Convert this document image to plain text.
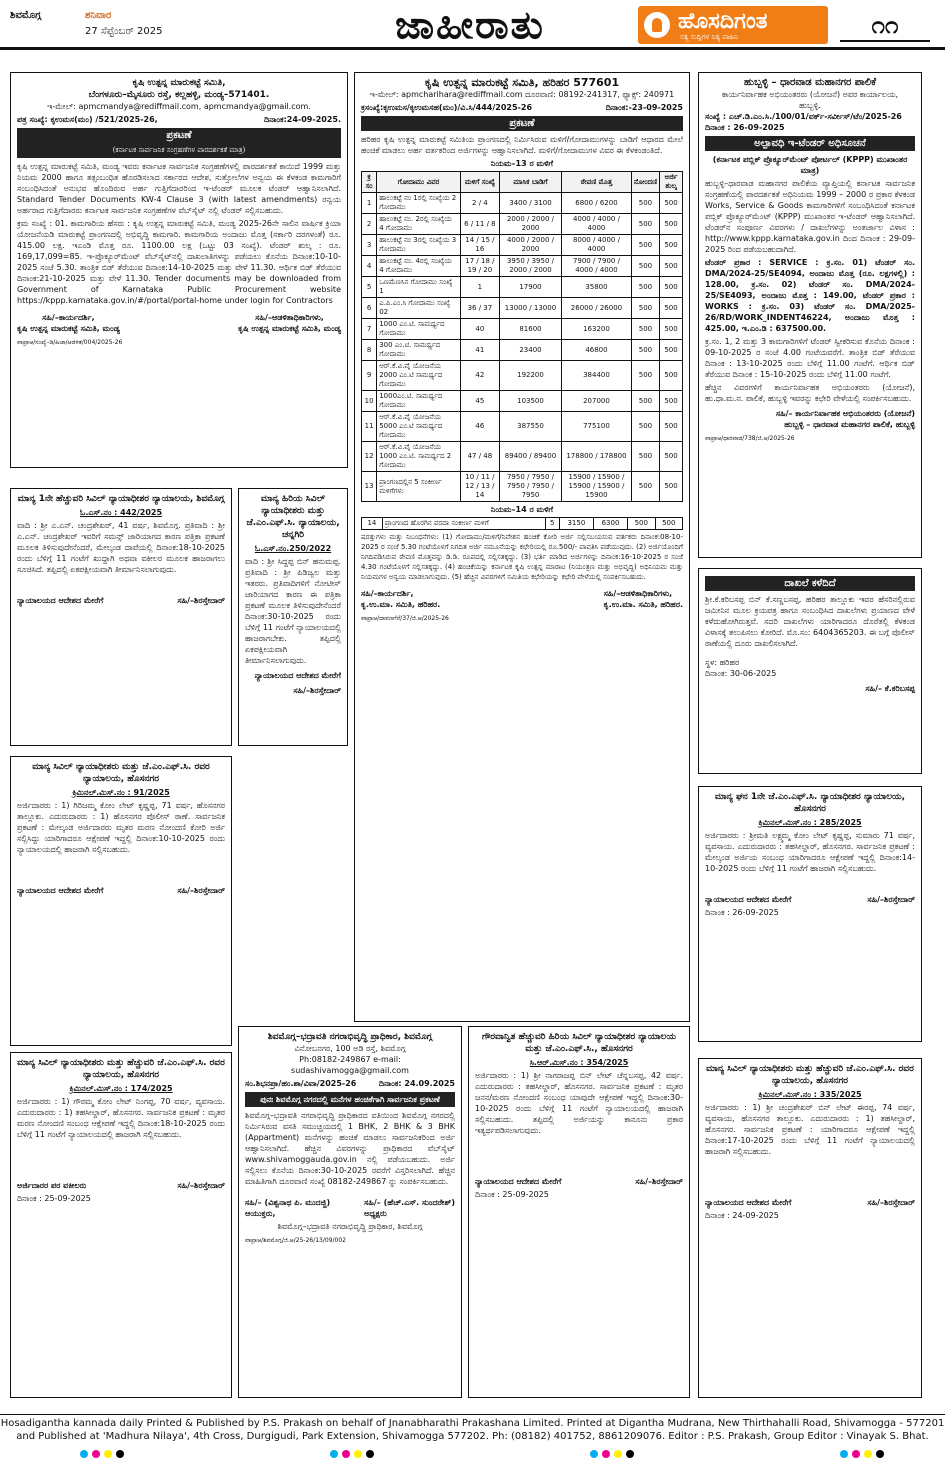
ಶಿವಮೊಗ್ಗ	ಶನಿವಾರ
27 ಸೆಪ್ಟೆಂಬರ್ 2025	ಜಾಹೀರಾತು	ಹೊಸದಿಗಂತ
ಸತ್ಯ ಸುದ್ದಿಗಳ ನಿತ್ಯ ವಾಹಿನಿ	೧೧
ಕೃಷಿ ಉತ್ಪನ್ನ ಮಾರುಕಟ್ಟೆ ಸಮಿತಿ,
ಬೆಂಗಳೂರು–ಮೈಸೂರು ರಸ್ತೆ, ಕಲ್ಲಹಳ್ಳಿ, ಮಂಡ್ಯ–571401.
ಇ-ಮೇಲ್: apmcmandya@rediffmail.com, apmcmandya@gmail.com.
ಪತ್ರ ಸಂಖ್ಯೆ: ಕೃಉಮಸ(ಮಂ) /521/2025-26,	ದಿನಾಂಕ:24-09-2025.
ಪ್ರಕಟಣೆ
(ಕರ್ನಾಟಕ ಸಾರ್ವಜನಿಕ ಸಂಗ್ರಹಣೆಗಳ ಪಾರದರ್ಶಕತೆ ಮಾತ್ರ)

ಕೃಷಿ ಉತ್ಪನ್ನ ಮಾರುಕಟ್ಟೆ ಸಮಿತಿ, ಮಂಡ್ಯ ಇವರು ಕರ್ನಾಟಕ ಸಾರ್ವಜನಿಕ ಸಂಗ್ರಹಣೆಗಳಲ್ಲಿ ಪಾರದರ್ಶಕತೆ ಕಾಯಿದೆ 1999 ಮತ್ತು ನಿಯಮ 2000 ಹಾಗೂ ತತ್ಸಂಬಂಧಿತ ಹೊರಡಿಸಲಾದ ಸರ್ಕಾರದ ಆದೇಶ, ಸುತ್ತೋಲೆಗಳ ಅನ್ವಯ ಈ ಕೆಳಕಂಡ ಕಾಮಗಾರಿಗೆ ಸಂಬಂಧಿಸಿದಂತೆ ಅನುಭವ ಹೊಂದಿರುವ ಅರ್ಹ ಗುತ್ತಿಗೆದಾರರಿಂದ ಇ-ಟೆಂಡರ್ ಮೂಲಕ ಟೆಂಡರ್ ಆಹ್ವಾನಿಸಲಾಗಿದೆ. Standard Tender Documents KW-4 Clause 3 (with latest amendments) ರನ್ವಯ ಅರ್ಹರಾದ ಗುತ್ತಿಗೆದಾರರು ಕರ್ನಾಟಕ ಸಾರ್ವಜನಿಕ ಸಂಗ್ರಹಣೆಗಳ ವೆಬ್‌ಸೈಟ್ ನಲ್ಲಿ ಟೆಂಡರ್ ಸಲ್ಲಿಸಬಹುದು.

ಕ್ರಮ ಸಂಖ್ಯೆ : 01. ಕಾಮಗಾರಿಯ ಹೆಸರು : ಕೃಷಿ ಉತ್ಪನ್ನ ಮಾರುಕಟ್ಟೆ ಸಮಿತಿ, ಮಂಡ್ಯ 2025-26ನೇ ಸಾಲಿನ ವಾರ್ಷಿಕ ಕ್ರಿಯಾ ಯೋಜನೆಯಡಿ ಮಾರುಕಟ್ಟೆ ಪ್ರಾಂಗಣದಲ್ಲಿ ಅಭಿವೃದ್ಧಿ ಕಾಮಗಾರಿ. ಕಾಮಗಾರಿಯ ಅಂದಾಜು ಮೊತ್ತ (ಸರ್ಕಾರಿ ದರಗಳಂತೆ) ರೂ. 415.00 ಲಕ್ಷ. ಇಎಂಡಿ ಮೊತ್ತ ರೂ. 1100.00 ಲಕ್ಷ (ಒಟ್ಟು 03 ಸಂಖ್ಯೆ). ಟೆಂಡರ್ ಶುಲ್ಕ : ರೂ. 169,17,099=85. ಇ-ಪ್ರೊಕ್ಯೂರ್‌ಮೆಂಟ್ ವೆಬ್‌ಸೈಟ್‌ನಲ್ಲಿ ದಾಖಲಾತಿಗಳನ್ನು ಪಡೆಯಲು ಕೊನೆಯ ದಿನಾಂಕ:10-10-2025 ಸಂಜೆ 5.30. ತಾಂತ್ರಿಕ ಬಿಡ್ ತೆರೆಯುವ ದಿನಾಂಕ:14-10-2025 ಮತ್ತು ವೇಳೆ 11.30. ಆರ್ಥಿಕ ಬಿಡ್ ತೆರೆಯುವ ದಿನಾಂಕ:21-10-2025 ಮತ್ತು ವೇಳೆ 11.30. Tender documents may be downloaded from Government of Karnataka Public Procurement website https://kppp.karnataka.gov.in/#/portal/portal-home under login for Contractors

ಸಹಿ/–ಕಾರ್ಯದರ್ಶಿ,
ಕೃಷಿ ಉತ್ಪನ್ನ ಮಾರುಕಟ್ಟೆ ಸಮಿತಿ, ಮಂಡ್ಯ
ಸಹಿ/–ಆಡಳಿತಾಧಿಕಾರಿಗಳು,
ಕೃಷಿ ಉತ್ಪನ್ನ ಮಾರುಕಟ್ಟೆ ಸಮಿತಿ, ಮಂಡ್ಯ
ವಾಪ್ರಾಆ/ಸಂಖ್ಯೆ–ಡಿ/ಹಿಜಾ/ಆಡಳಿತ/004/2025-26
ಮಾನ್ಯ 1ನೇ ಹೆಚ್ಚುವರಿ ಸಿವಿಲ್ ನ್ಯಾಯಾಧೀಶರ ನ್ಯಾಯಾಲಯ, ಶಿವಮೊಗ್ಗ
ಓ.ಎಸ್.ನಂ : 442/2025

ವಾದಿ : ಶ್ರೀ ಎ.ಎನ್. ಚಂದ್ರಶೇಖರ್, 41 ವರ್ಷ, ಶಿವಮೊಗ್ಗ. ಪ್ರತಿವಾದಿ : ಶ್ರೀ ಎ.ಎನ್. ಚಂದ್ರಶೇಖರ್ ಇವರಿಗೆ ಸಮನ್ಸ್ ಜಾರಿಯಾಗದ ಕಾರಣ ಪತ್ರಿಕಾ ಪ್ರಕಟಣೆ ಮೂಲಕ ತಿಳಿಸುವುದೇನೆಂದರೆ, ಮೇಲ್ಕಂಡ ದಾವೆಯಲ್ಲಿ ದಿನಾಂಕ:18-10-2025 ರಂದು ಬೆಳಿಗ್ಗೆ 11 ಗಂಟೆಗೆ ಖುದ್ದಾಗಿ ಅಥವಾ ವಕೀಲರ ಮೂಲಕ ಹಾಜರಾಗಲು ಸೂಚಿಸಿದೆ. ತಪ್ಪಿದಲ್ಲಿ ಏಕಪಕ್ಷೀಯವಾಗಿ ತೀರ್ಮಾನಿಸಲಾಗುವುದು.

ನ್ಯಾಯಾಲಯದ ಆದೇಶದ ಮೇರೆಗೆ	ಸಹಿ/–ಶಿರಸ್ತೇದಾರ್
ಮಾನ್ಯ ಹಿರಿಯ ಸಿವಿಲ್ ನ್ಯಾಯಾಧೀಶರು ಮತ್ತು ಜೆ.ಎಂ.ಎಫ್.ಸಿ. ನ್ಯಾಯಾಲಯ, ಚನ್ನಗಿರಿ
ಓ.ಎಸ್.ನಂ.250/2022

ವಾದಿ : ಶ್ರೀ ಸಿದ್ದಪ್ಪ ಬಿನ್ ಹನುಮಪ್ಪ. ಪ್ರತಿವಾದಿ : ಶ್ರೀ ಪಿಡಿಜ್ವಲ ಮತ್ತು ಇತರರು. ಪ್ರತಿವಾದಿಗಳಿಗೆ ನೋಟೀಸ್ ಜಾರಿಯಾಗದ ಕಾರಣ ಈ ಪತ್ರಿಕಾ ಪ್ರಕಟಣೆ ಮೂಲಕ ತಿಳಿಸುವುದೇನೆಂದರೆ ದಿನಾಂಕ:30-10-2025 ರಂದು ಬೆಳಿಗ್ಗೆ 11 ಗಂಟೆಗೆ ನ್ಯಾಯಾಲಯದಲ್ಲಿ ಹಾಜರಾಗಬೇಕು. ತಪ್ಪಿದಲ್ಲಿ ಏಕಪಕ್ಷೀಯವಾಗಿ ತೀರ್ಮಾನಿಸಲಾಗುವುದು.

ನ್ಯಾಯಾಲಯದ ಆದೇಶದ ಮೇರೆಗೆ
ಸಹಿ/–ಶಿರಸ್ತೇದಾರ್
ಮಾನ್ಯ ಸಿವಿಲ್ ನ್ಯಾಯಾಧೀಶರು ಮತ್ತು ಜೆ.ಎಂ.ಎಫ್.ಸಿ. ರವರ ನ್ಯಾಯಾಲಯ, ಹೊಸನಗರ
ಕ್ರಿಮಿನಲ್.ಮಿಸ್.ನಂ : 91/2025

ಅರ್ಜಿದಾರರು : 1) ಗಿರಿಜಮ್ಮ ಕೋಂ ಲೇಟ್ ಕೃಷ್ಣಪ್ಪ, 71 ವರ್ಷ, ಹೊಸನಗರ ತಾಲ್ಲೂಕು. ಎದುರುದಾರರು : 1) ಹೊಸನಗರ ಪೊಲೀಸ್ ಠಾಣೆ. ಸಾರ್ವಜನಿಕ ಪ್ರಕಟಣೆ : ಮೇಲ್ಕಂಡ ಅರ್ಜಿದಾರರು ಮೃತರ ಮರಣ ನೋಂದಣಿ ಕೋರಿ ಅರ್ಜಿ ಸಲ್ಲಿಸಿದ್ದು ಯಾರಿಗಾದರೂ ಆಕ್ಷೇಪಣೆ ಇದ್ದಲ್ಲಿ ದಿನಾಂಕ:10-10-2025 ರಂದು ನ್ಯಾಯಾಲಯದಲ್ಲಿ ಹಾಜರಾಗಿ ಸಲ್ಲಿಸಬಹುದು.

ನ್ಯಾಯಾಲಯದ ಆದೇಶದ ಮೇರೆಗೆ	ಸಹಿ/–ಶಿರಸ್ತೇದಾರ್
ಮಾನ್ಯ ಸಿವಿಲ್ ನ್ಯಾಯಾಧೀಶರು ಮತ್ತು ಹೆಚ್ಚುವರಿ ಜೆ.ಎಂ.ಎಫ್.ಸಿ. ರವರ ನ್ಯಾಯಾಲಯ, ಹೊಸನಗರ
ಕ್ರಿಮಿನಲ್.ಮಿಸ್.ನಂ : 174/2025

ಅರ್ಜಿದಾರರು : 1) ಗೌರಮ್ಮ ಕೋಂ ಲೇಟ್ ನಿಂಗಪ್ಪ, 70 ವರ್ಷ, ವ್ಯವಸಾಯ. ಎದುರುದಾರರು : 1) ತಹಸೀಲ್ದಾರ್, ಹೊಸನಗರ. ಸಾರ್ವಜನಿಕ ಪ್ರಕಟಣೆ : ಮೃತರ ಮರಣ ನೋಂದಣಿ ಸಂಬಂಧ ಆಕ್ಷೇಪಣೆ ಇದ್ದಲ್ಲಿ ದಿನಾಂಕ:18-10-2025 ರಂದು ಬೆಳಿಗ್ಗೆ 11 ಗಂಟೆಗೆ ನ್ಯಾಯಾಲಯದಲ್ಲಿ ಹಾಜರಾಗಿ ಸಲ್ಲಿಸಬಹುದು.

ಅರ್ಜಿದಾರರ ಪರ ವಕೀಲರು	ಸಹಿ/–ಶಿರಸ್ತೇದಾರ್
ದಿನಾಂಕ : 25-09-2025
ಕೃಷಿ ಉತ್ಪನ್ನ ಮಾರುಕಟ್ಟೆ ಸಮಿತಿ, ಹರಿಹರ 577601
ಇ-ಮೇಲ್: apmcharihara@rediffmail.com ದೂರವಾಣಿ: 08192-241317, ಫ್ಯಾಕ್ಸ್: 240971
ಕ್ರಸಂಖ್ಯೆ:ಕೃಉಮಸ/ಕೃಉಮಸಹ(ಮಂ)/ವಿ.ಸಿ/444/2025-26	ದಿನಾಂಕ:-23-09-2025
ಪ್ರಕಟಣೆ

ಹರಿಹರ ಕೃಷಿ ಉತ್ಪನ್ನ ಮಾರುಕಟ್ಟೆ ಸಮಿತಿಯ ಪ್ರಾಂಗಣದಲ್ಲಿ ನಿರ್ಮಿಸಿರುವ ಮಳಿಗೆ/ಗೋದಾಮುಗಳನ್ನು ಬಾಡಿಗೆ ಆಧಾರದ ಮೇಲೆ ಹಂಚಿಕೆ ಮಾಡಲು ಅರ್ಹ ವರ್ತಕರಿಂದ ಅರ್ಜಿಗಳನ್ನು ಆಹ್ವಾನಿಸಲಾಗಿದೆ. ಮಳಿಗೆ/ಗೋದಾಮುಗಳ ವಿವರ ಈ ಕೆಳಕಂಡಂತಿದೆ.

ನಿಯಮ–13 ರ ಮಳಿಗೆ
ಕ್ರ ಸಂ	ಗೋದಾಮು ವಿವರ	ಮಳಿಗೆ ಸಂಖ್ಯೆ	ಮಾಸಿಕ ಬಾಡಿಗೆ	ಠೇವಣಿ ಮೊತ್ತ	ನೋಂದಣಿ	ಅರ್ಜಿ ಶುಲ್ಕ
1	ಹಾಲುಕಟ್ಟೆ ನಂ 1ರಲ್ಲಿ ಸಂಖ್ಯೆಯ 2 ಗೋದಾಮು	2 / 4	3400 / 3100	6800 / 6200	500	500
2	ಹಾಲುಕಟ್ಟೆ ನಂ. 2ರಲ್ಲಿ ಸಂಖ್ಯೆಯ 4 ಗೋದಾಮು	6 / 11 / 8	2000 / 2000 / 2000	4000 / 4000 / 4000	500	500
3	ಹಾಲುಕಟ್ಟೆ ನಂ 3ರಲ್ಲಿ ಸಂಖ್ಯೆಯ 3 ಗೋದಾಮು	14 / 15 / 16	4000 / 2000 / 2000	8000 / 4000 / 4000	500	500
4	ಹಾಲುಕಟ್ಟೆ ನಂ. 4ರಲ್ಲಿ ಸಂಖ್ಯೆಯ 4 ಗೋದಾಮು	17 / 18 / 19 / 20	3950 / 3950 / 2000 / 2000	7900 / 7900 / 4000 / 4000	500	500
5	ಒಣಮೆಣಸಿನ ಗೋದಾಮು ಸಂಖ್ಯೆ 1	1	17900	35800	500	500
6	ಎ.ಪಿ.ಎಂ.ಸಿ ಗೋದಾಮು ಸಂಖ್ಯೆ 02	36 / 37	13000 / 13000	26000 / 26000	500	500
7	1000 ಎಂ.ಟಿ. ಸಾಮರ್ಥ್ಯದ ಗೋದಾಮು	40	81600	163200	500	500
8	300 ಎಂ.ಟಿ. ಸಾಮರ್ಥ್ಯದ ಗೋದಾಮು	41	23400	46800	500	500
9	ಆರ್.ಕೆ.ವಿ.ವೈ ಯೋಜನೆಯ 2000 ಎಂ.ಟಿ ಸಾಮರ್ಥ್ಯದ ಗೋದಾಮು	42	192200	384400	500	500
10	1000ಎಂ.ಟಿ. ಸಾಮರ್ಥ್ಯದ ಗೋದಾಮು	45	103500	207000	500	500
11	ಆರ್.ಕೆ.ವಿ.ವೈ ಯೋಜನೆಯ 5000 ಎಂ.ಟಿ ಸಾಮರ್ಥ್ಯದ ಗೋದಾಮು	46	387550	775100	500	500
12	ಆರ್.ಕೆ.ವಿ.ವೈ ಯೋಜನೆಯ 1000 ಎಂ.ಟಿ. ಸಾಮರ್ಥ್ಯದ 2 ಗೋದಾಮು	47 / 48	89400 / 89400	178800 / 178800	500	500
13	ಪ್ರಾಂಗಣದಲ್ಲಿನ 5 ಸಂಕೀರ್ಣ ಮಳಿಗೆಗಳು	10 / 11 / 12 / 13 / 14	7950 / 7950 / 7950 / 7950 / 7950	15900 / 15900 / 15900 / 15900 / 15900	500	500
ನಿಯಮ–14 ರ ಮಳಿಗೆ
14	ಪ್ರಾಂಗಣದ ಹೊರಗಿನ ವರದಾ ಸಂಕೀರ್ಣ ಮಳಿಗೆ	5	3150	6300	500	500

ಷರತ್ತುಗಳು ಮತ್ತು ನಿಬಂಧನೆಗಳು: (1) ಗೋದಾಮು/ಮಳಿಗೆ/ನಿವೇಶನ ಹಂಚಿಕೆ ಕೋರಿ ಅರ್ಜಿ ಸಲ್ಲಿಸಬಯಸುವ ವರ್ತಕರು ದಿನಾಂಕ:08-10-2025 ರ ಸಂಜೆ 5.30 ಗಂಟೆಯೊಳಗೆ ನಿಗದಿತ ಅರ್ಜಿ ನಮೂನೆಯನ್ನು ಕಛೇರಿಯಲ್ಲಿ ರೂ.500/- ಪಾವತಿಸಿ ಪಡೆಯುವುದು. (2) ಅರ್ಜಿಯೊಂದಿಗೆ ನಿಗದಿಪಡಿಸಿರುವ ಠೇವಣಿ ಮೊತ್ತವನ್ನು ಡಿ.ಡಿ. ರೂಪದಲ್ಲಿ ಸಲ್ಲಿಸತಕ್ಕದ್ದು. (3) ಭರ್ತಿ ಮಾಡಿದ ಅರ್ಜಿಗಳನ್ನು ದಿನಾಂಕ:16-10-2025 ರ ಸಂಜೆ 4.30 ಗಂಟೆಯೊಳಗೆ ಸಲ್ಲಿಸತಕ್ಕದ್ದು. (4) ಹಂಚಿಕೆಯನ್ನು ಕರ್ನಾಟಕ ಕೃಷಿ ಉತ್ಪನ್ನ ಮಾರಾಟ (ನಿಯಂತ್ರಣ ಮತ್ತು ಅಭಿವೃದ್ಧಿ) ಅಧಿನಿಯಮ ಮತ್ತು ನಿಯಮಗಳ ಅನ್ವಯ ಮಾಡಲಾಗುವುದು. (5) ಹೆಚ್ಚಿನ ವಿವರಗಳಿಗೆ ಸಮಿತಿಯ ಕಛೇರಿಯನ್ನು ಕಛೇರಿ ವೇಳೆಯಲ್ಲಿ ಸಂಪರ್ಕಿಸಬಹುದು.

ಸಹಿ/–ಕಾರ್ಯದರ್ಶಿ,
ಕೃ.ಉ.ಮಾ. ಸಮಿತಿ, ಹರಿಹರ.
ಸಹಿ/–ಆಡಳಿತಾಧಿಕಾರಿಗಳು,
ಕೃ.ಉ.ಮಾ. ಸಮಿತಿ, ಹರಿಹರ.
ವಾಪ್ರಾಆ/ದಾವಣಗೆರೆ/37/ಜಿ.ಆ/2025-26
ಶಿವಮೊಗ್ಗ–ಭದ್ರಾವತಿ ನಗರಾಭಿವೃದ್ಧಿ ಪ್ರಾಧಿಕಾರ, ಶಿವಮೊಗ್ಗ
ವಿನೋಬನಗರ, 100 ಅಡಿ ರಸ್ತೆ, ಶಿವಮೊಗ್ಗ
Ph:08182-249867 e-mail: sudashivamogga@gmail.com
ಸಂ.ಶಿಭನಪ್ರಾ/ಹಂ.ಶಾ/ವಿವಾ/2025-26	ದಿನಾಂಕ: 24.09.2025
ಪುನಃ ಶಿವಮೊಗ್ಗ ನಗರದಲ್ಲಿ ಮನೆಗಳ ಹಂಚಿಕೆಗಾಗಿ ಸಾರ್ವಜನಿಕ ಪ್ರಕಟಣೆ

ಶಿವಮೊಗ್ಗ–ಭದ್ರಾವತಿ ನಗರಾಭಿವೃದ್ಧಿ ಪ್ರಾಧಿಕಾರದ ವತಿಯಿಂದ ಶಿವಮೊಗ್ಗ ನಗರದಲ್ಲಿ ನಿರ್ಮಿಸಿರುವ ವಸತಿ ಸಮುಚ್ಚಯದಲ್ಲಿ 1 BHK, 2 BHK & 3 BHK (Appartment) ಮನೆಗಳನ್ನು ಹಂಚಿಕೆ ಮಾಡಲು ಸಾರ್ವಜನಿಕರಿಂದ ಅರ್ಜಿ ಆಹ್ವಾನಿಸಲಾಗಿದೆ. ಹೆಚ್ಚಿನ ವಿವರಗಳನ್ನು ಪ್ರಾಧಿಕಾರದ ವೆಬ್‌ಸೈಟ್ www.shivamoggauda.gov.in ನಲ್ಲಿ ಪಡೆಯಬಹುದು. ಅರ್ಜಿ ಸಲ್ಲಿಸಲು ಕೊನೆಯ ದಿನಾಂಕ:30-10-2025 ರವರೆಗೆ ವಿಸ್ತರಿಸಲಾಗಿದೆ. ಹೆಚ್ಚಿನ ಮಾಹಿತಿಗಾಗಿ ದೂರವಾಣಿ ಸಂಖ್ಯೆ 08182-249867 ನ್ನು ಸಂಪರ್ಕಿಸಬಹುದು.

ಸಹಿ/– (ವಿಶ್ವನಾಥ ಪಿ. ಮುದಜ್ಜಿ)
ಆಯುಕ್ತರು,
ಸಹಿ/– (ಹೆಚ್.ಎಸ್. ಸುಂದರೇಶ್)
ಅಧ್ಯಕ್ಷರು
ಶಿವಮೊಗ್ಗ–ಭದ್ರಾವತಿ ನಗರಾಭಿವೃದ್ಧಿ ಪ್ರಾಧಿಕಾರ, ಶಿವಮೊಗ್ಗ
ವಾಪ್ರಾಆ/ಶಿವಮೊಗ್ಗ/ಜಿ.ಆ/25-26/13/09/002
ಗೌರವಾನ್ವಿತ ಹೆಚ್ಚುವರಿ ಹಿರಿಯ ಸಿವಿಲ್ ನ್ಯಾಯಾಧೀಶರ ನ್ಯಾಯಾಲಯ ಮತ್ತು ಜೆ.ಎಂ.ಎಫ್.ಸಿ., ಹೊಸನಗರ
ಸಿ.ಆರ್.ಮಿಸ್.ನಂ : 354/2025

ಅರ್ಜಿದಾರರು : 1) ಶ್ರೀ ನಾಗರಾಜಪ್ಪ ಬಿನ್ ಲೇಟ್ ಚೆನ್ನಬಸಪ್ಪ, 42 ವರ್ಷ. ಎದುರುದಾರರು : ತಹಸೀಲ್ದಾರ್, ಹೊಸನಗರ. ಸಾರ್ವಜನಿಕ ಪ್ರಕಟಣೆ : ಮೃತರ ಜನನ/ಮರಣ ನೋಂದಣಿ ಸಂಬಂಧ ಯಾವುದೇ ಆಕ್ಷೇಪಣೆ ಇದ್ದಲ್ಲಿ ದಿನಾಂಕ:30-10-2025 ರಂದು ಬೆಳಿಗ್ಗೆ 11 ಗಂಟೆಗೆ ನ್ಯಾಯಾಲಯದಲ್ಲಿ ಹಾಜರಾಗಿ ಸಲ್ಲಿಸಬಹುದು. ತಪ್ಪಿದಲ್ಲಿ ಅರ್ಜಿಯನ್ನು ಕಾನೂನು ಪ್ರಕಾರ ಇತ್ಯರ್ಥಪಡಿಸಲಾಗುವುದು.

ನ್ಯಾಯಾಲಯದ ಆದೇಶದ ಮೇರೆಗೆ	ಸಹಿ/–ಶಿರಸ್ತೇದಾರ್
ದಿನಾಂಕ : 25-09-2025
ಹುಬ್ಬಳ್ಳಿ – ಧಾರವಾಡ ಮಹಾನಗರ ಪಾಲಿಕೆ
ಕಾರ್ಯನಿರ್ವಾಹಕ ಅಭಿಯಂತರರು (ಯೋಜನೆ) ಅವರ ಕಾರ್ಯಾಲಯ,
ಹುಬ್ಬಳ್ಳಿ.
ಸಂಖ್ಯೆ : ಎಚ್.ಡಿ.ಎಂ.ಸಿ./100/01/ವರ್ಕ್-ಸರ್ವೀಸ್/ಟೆಂ/2025-26
ದಿನಾಂಕ : 26-09-2025
ಅಲ್ಪಾವಧಿ ಇ-ಟೆಂಡರ್ ಅಧಿಸೂಚನೆ
(ಕರ್ನಾಟಕ ಪಬ್ಲಿಕ್ ಪ್ರೊಕ್ಯೂರ್‌ಮೆಂಟ್ ಪೋರ್ಟಲ್ (KPPP) ಮುಖಾಂತರ ಮಾತ್ರ)

ಹುಬ್ಬಳ್ಳಿ–ಧಾರವಾಡ ಮಹಾನಗರ ಪಾಲಿಕೆಯ ವ್ಯಾಪ್ತಿಯಲ್ಲಿ ಕರ್ನಾಟಕ ಸಾರ್ವಜನಿಕ ಸಂಗ್ರಹಣೆಯಲ್ಲಿ ಪಾರದರ್ಶಕತೆ ಅಧಿನಿಯಮ 1999 – 2000 ರ ಪ್ರಕಾರ ಕೆಳಕಂಡ Works, Service & Goods ಕಾಮಗಾರಿಗಳಿಗೆ ಸಂಬಂಧಿಸಿದಂತೆ ಕರ್ನಾಟಕ ಪಬ್ಲಿಕ್ ಪ್ರೊಕ್ಯೂರ್‌ಮೆಂಟ್ (KPPP) ಮುಖಾಂತರ ಇ-ಟೆಂಡರ್ ಆಹ್ವಾನಿಸಲಾಗಿದೆ. ಟೆಂಡರ್‌ನ ಸಂಪೂರ್ಣ ವಿವರಗಳು / ದಾಖಲೆಗಳನ್ನು ಅಂತರ್ಜಾಲ ವಿಳಾಸ : http://www.kppp.karnataka.gov.in ದಿಂದ ದಿನಾಂಕ : 29-09-2025 ರಿಂದ ಪಡೆಯಬಹುದಾಗಿದೆ.

ಟೆಂಡರ್ ಪ್ರಕಾರ : SERVICE : ಕ್ರ.ಸಂ. 01) ಟೆಂಡರ್ ಸಂ. DMA/2024-25/SE4094, ಅಂದಾಜು ಮೊತ್ತ (ರೂ. ಲಕ್ಷಗಳಲ್ಲಿ) : 128.00, ಕ್ರ.ಸಂ. 02) ಟೆಂಡರ್ ಸಂ. DMA/2024-25/SE4093, ಅಂದಾಜು ಮೊತ್ತ : 149.00, ಟೆಂಡರ್ ಪ್ರಕಾರ : WORKS : ಕ್ರ.ಸಂ. 03) ಟೆಂಡರ್ ಸಂ. DMA/2025-26/RD/WORK_INDENT46224, ಅಂದಾಜು ಮೊತ್ತ : 425.00, ಇ.ಎಂ.ಡಿ : 637500.00.

ಕ್ರ.ಸಂ. 1, 2 ಮತ್ತು 3 ಕಾಮಗಾರಿಗಳಿಗೆ ಟೆಂಡರ್ ಸ್ವೀಕರಿಸುವ ಕೊನೆಯ ದಿನಾಂಕ : 09-10-2025 ರ ಸಂಜೆ 4.00 ಗಂಟೆಯವರೆಗೆ. ತಾಂತ್ರಿಕ ಬಿಡ್ ತೆರೆಯುವ ದಿನಾಂಕ : 13-10-2025 ರಂದು ಬೆಳಿಗ್ಗೆ 11.00 ಗಂಟೆಗೆ. ಆರ್ಥಿಕ ಬಿಡ್ ತೆರೆಯುವ ದಿನಾಂಕ : 15-10-2025 ರಂದು ಬೆಳಿಗ್ಗೆ 11.00 ಗಂಟೆಗೆ.

ಹೆಚ್ಚಿನ ವಿವರಗಳಿಗೆ ಕಾರ್ಯನಿರ್ವಾಹಕ ಅಭಿಯಂತರರು (ಯೋಜನೆ), ಹು.ಧಾ.ಮ.ನ. ಪಾಲಿಕೆ, ಹುಬ್ಬಳ್ಳಿ ಇವರನ್ನು ಕಛೇರಿ ವೇಳೆಯಲ್ಲಿ ಸಂಪರ್ಕಿಸಬಹುದು.

ಸಹಿ/– ಕಾರ್ಯನಿರ್ವಾಹಕ ಅಭಿಯಂತರರು (ಯೋಜನೆ)
ಹುಬ್ಬಳ್ಳಿ – ಧಾರವಾಡ ಮಹಾನಗರ ಪಾಲಿಕೆ, ಹುಬ್ಬಳ್ಳಿ
ವಾಪ್ರಾಆ/ಧಾರವಾಡ/738/ಜಿ.ಆ/2025-26
ದಾಖಲೆ ಕಳೆದಿದೆ

ಶ್ರೀ.ಕೆ.ಕರಿಬಸಪ್ಪ ಬಿನ್ ಕೆ.ಸಣ್ಣಬಸಪ್ಪ, ಹರಿಹರ ತಾಲ್ಲೂಕು ಇವರ ಹೆಸರಿನಲ್ಲಿರುವ ಜಮೀನಿನ ಮೂಲ ಕ್ರಯಪತ್ರ ಹಾಗೂ ಸಂಬಂಧಿಸಿದ ದಾಖಲೆಗಳು ಪ್ರಯಾಣದ ವೇಳೆ ಕಳೆದುಹೋಗಿರುತ್ತವೆ. ಸದರಿ ದಾಖಲೆಗಳು ಯಾರಿಗಾದರೂ ದೊರೆತಲ್ಲಿ ಕೆಳಕಂಡ ವಿಳಾಸಕ್ಕೆ ತಲುಪಿಸಲು ಕೋರಿದೆ. ಮೊ.ಸಂ: 6404365203. ಈ ಬಗ್ಗೆ ಪೊಲೀಸ್ ಠಾಣೆಯಲ್ಲಿ ದೂರು ದಾಖಲಿಸಲಾಗಿದೆ.

ಸ್ಥಳ: ಹರಿಹರ
ದಿನಾಂಕ: 30-06-2025
ಸಹಿ/– ಕೆ.ಕರಿಬಸಪ್ಪ
ಮಾನ್ಯ ಘನ 1ನೇ ಜೆ.ಎಂ.ಎಫ್.ಸಿ. ನ್ಯಾಯಾಧೀಶರ ನ್ಯಾಯಾಲಯ, ಹೊಸನಗರ
ಕ್ರಿಮಿನಲ್.ಮಿಸ್.ನಂ : 285/2025

ಅರ್ಜಿದಾರರು : ಶ್ರೀಮತಿ ಲಕ್ಷ್ಮಮ್ಮ ಕೋಂ ಲೇಟ್ ಕೃಷ್ಣಪ್ಪ, ಸುಮಾರು 71 ವರ್ಷ, ವ್ಯವಸಾಯ. ಎದುರುದಾರರು : ತಹಸೀಲ್ದಾರ್, ಹೊಸನಗರ. ಸಾರ್ವಜನಿಕ ಪ್ರಕಟಣೆ : ಮೇಲ್ಕಂಡ ಅರ್ಜಿಯ ಸಂಬಂಧ ಯಾರಿಗಾದರೂ ಆಕ್ಷೇಪಣೆ ಇದ್ದಲ್ಲಿ ದಿನಾಂಕ:14-10-2025 ರಂದು ಬೆಳಿಗ್ಗೆ 11 ಗಂಟೆಗೆ ಹಾಜರಾಗಿ ಸಲ್ಲಿಸಬಹುದು.

ನ್ಯಾಯಾಲಯದ ಆದೇಶದ ಮೇರೆಗೆ	ಸಹಿ/–ಶಿರಸ್ತೇದಾರ್
ದಿನಾಂಕ : 26-09-2025
ಮಾನ್ಯ ಸಿವಿಲ್ ನ್ಯಾಯಾಧೀಶರು ಮತ್ತು ಹೆಚ್ಚುವರಿ ಜೆ.ಎಂ.ಎಫ್.ಸಿ. ರವರ ನ್ಯಾಯಾಲಯ, ಹೊಸನಗರ
ಕ್ರಿಮಿನಲ್.ಮಿಸ್.ನಂ : 335/2025

ಅರ್ಜಿದಾರರು : 1) ಶ್ರೀ ಚಂದ್ರಶೇಖರ್ ಬಿನ್ ಲೇಟ್ ಈರಪ್ಪ, 74 ವರ್ಷ, ವ್ಯವಸಾಯ, ಹೊಸನಗರ ತಾಲ್ಲೂಕು. ಎದುರುದಾರರು : 1) ತಹಸೀಲ್ದಾರ್, ಹೊಸನಗರ. ಸಾರ್ವಜನಿಕ ಪ್ರಕಟಣೆ : ಯಾರಿಗಾದರೂ ಆಕ್ಷೇಪಣೆ ಇದ್ದಲ್ಲಿ ದಿನಾಂಕ:17-10-2025 ರಂದು ಬೆಳಿಗ್ಗೆ 11 ಗಂಟೆಗೆ ನ್ಯಾಯಾಲಯದಲ್ಲಿ ಹಾಜರಾಗಿ ಸಲ್ಲಿಸಬಹುದು.

ನ್ಯಾಯಾಲಯದ ಆದೇಶದ ಮೇರೆಗೆ	ಸಹಿ/–ಶಿರಸ್ತೇದಾರ್
ದಿನಾಂಕ : 24-09-2025
Hosadigantha kannada daily Printed & Published by P.S. Prakash on behalf of Jnanabharathi Prakashana Limited. Printed at Digantha Mudrana, New Thirthahalli Road, Shivamogga - 577201
and Published at 'Madhura Nilaya', 4th Cross, Durgigudi, Park Extension, Shivamogga 577202. Ph: (08182) 401752, 8861209076. Editor : P.S. Prakash, Group Editor : Vinayak S. Bhat.
